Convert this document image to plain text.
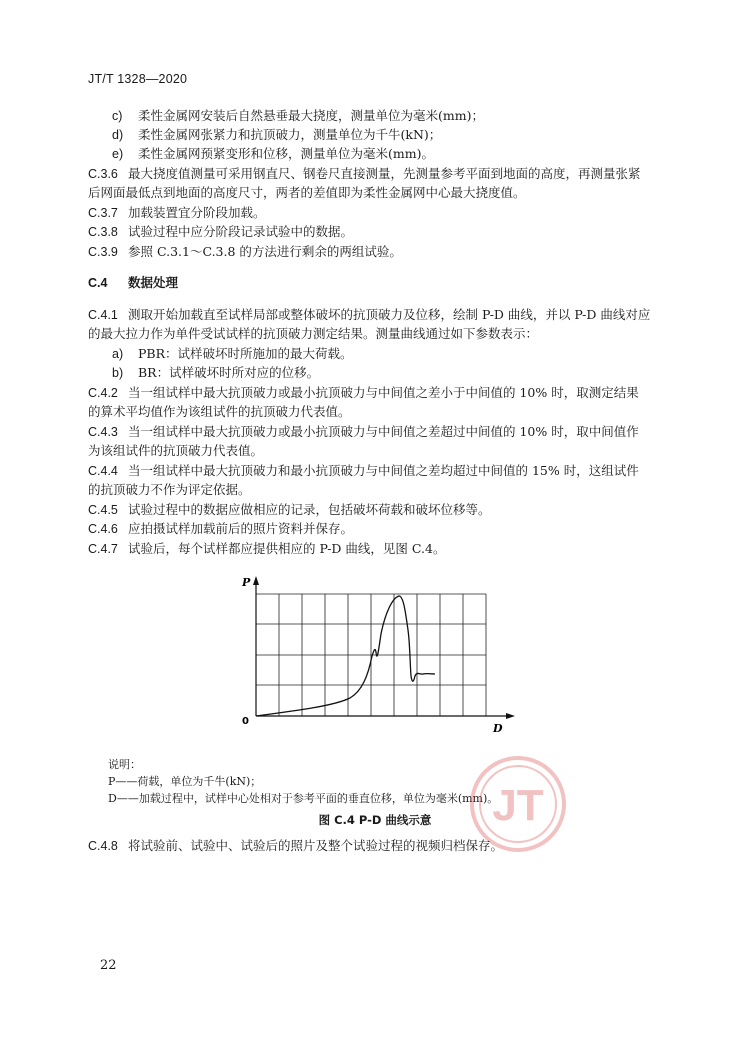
JT/T 1328—2020
c) 柔性金属网安装后自然悬垂最大挠度，测量单位为毫米(mm)；
d) 柔性金属网张紧力和抗顶破力，测量单位为千牛(kN)；
e) 柔性金属网预紧变形和位移，测量单位为毫米(mm)。
C.3.6 最大挠度值测量可采用钢直尺、钢卷尺直接测量，先测量参考平面到地面的高度，再测量张紧
后网面最低点到地面的高度尺寸，两者的差值即为柔性金属网中心最大挠度值。
C.3.7 加载装置宜分阶段加载。
C.3.8 试验过程中应分阶段记录试验中的数据。
C.3.9 参照 C.3.1～C.3.8 的方法进行剩余的两组试验。
C.4 数据处理
C.4.1 测取开始加载直至试样局部或整体破坏的抗顶破力及位移，绘制 P-D 曲线，并以 P-D 曲线对应
的最大拉力作为单件受试试样的抗顶破力测定结果。测量曲线通过如下参数表示：
a) PBR：试样破坏时所施加的最大荷载。
b) BR：试样破坏时所对应的位移。
C.4.2 当一组试样中最大抗顶破力或最小抗顶破力与中间值之差小于中间值的 10% 时，取测定结果
的算术平均值作为该组试件的抗顶破力代表值。
C.4.3 当一组试样中最大抗顶破力或最小抗顶破力与中间值之差超过中间值的 10% 时，取中间值作
为该组试件的抗顶破力代表值。
C.4.4 当一组试样中最大抗顶破力和最小抗顶破力与中间值之差均超过中间值的 15% 时，这组试件
的抗顶破力不作为评定依据。
C.4.5 试验过程中的数据应做相应的记录，包括破坏荷载和破坏位移等。
C.4.6 应拍摄试样加载前后的照片资料并保存。
C.4.7 试验后，每个试样都应提供相应的 P-D 曲线，见图 C.4。
P
D
0
说明：
P——荷载，单位为千牛(kN)；
D——加载过程中，试样中心处相对于参考平面的垂直位移，单位为毫米(mm)。
JT
图 C.4 P-D 曲线示意
C.4.8 将试验前、试验中、试验后的照片及整个试验过程的视频归档保存。
22
